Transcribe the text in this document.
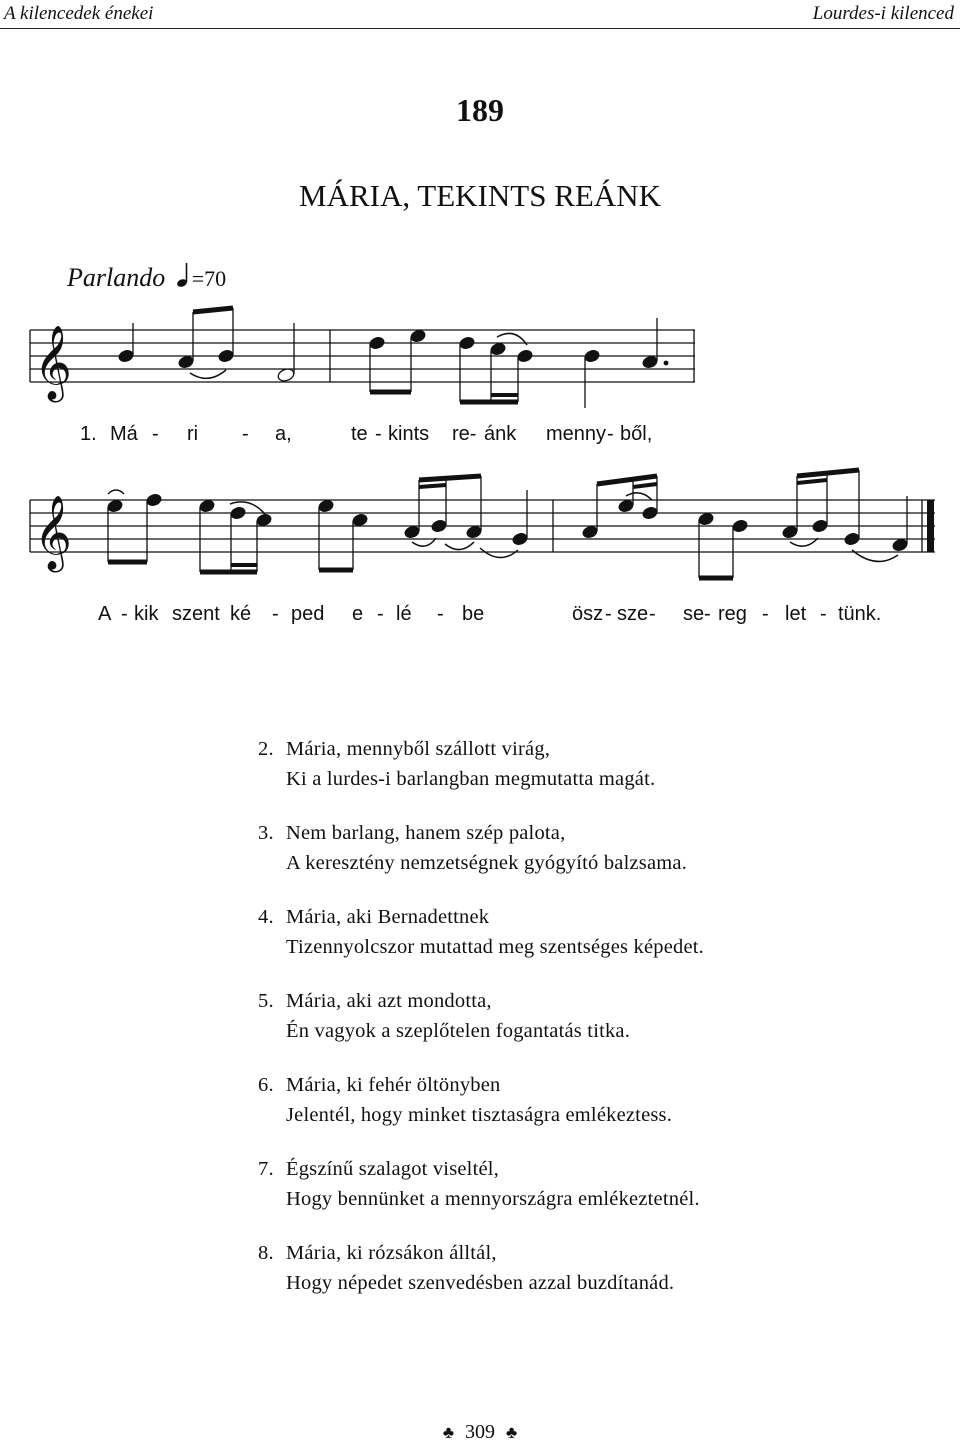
A kilencedek énekei	Lourdes-i kilenced
189
MÁRIA, TEKINTS REÁNK
Parlando =70
𝄞
𝄞
1. Má - ri - a,	te - kints re- ánk menny - ből,
A - kik szent ké - ped e - lé - be	ösz - sze - se - reg - let - tünk.
2. Mária, mennyből szállott virág,
Ki a lurdes-i barlangban megmutatta magát.
3. Nem barlang, hanem szép palota,
A keresztény nemzetségnek gyógyító balzsama.
4. Mária, aki Bernadettnek
Tizennyolcszor mutattad meg szentséges képedet.
5. Mária, aki azt mondotta,
Én vagyok a szeplőtelen fogantatás titka.
6. Mária, ki fehér öltönyben
Jelentél, hogy minket tisztaságra emlékeztess.
7. Égszínű szalagot viseltél,
Hogy bennünket a mennyországra emlékeztetnél.
8. Mária, ki rózsákon álltál,
Hogy népedet szenvedésben azzal buzdítanád.
♣ 309 ♣
